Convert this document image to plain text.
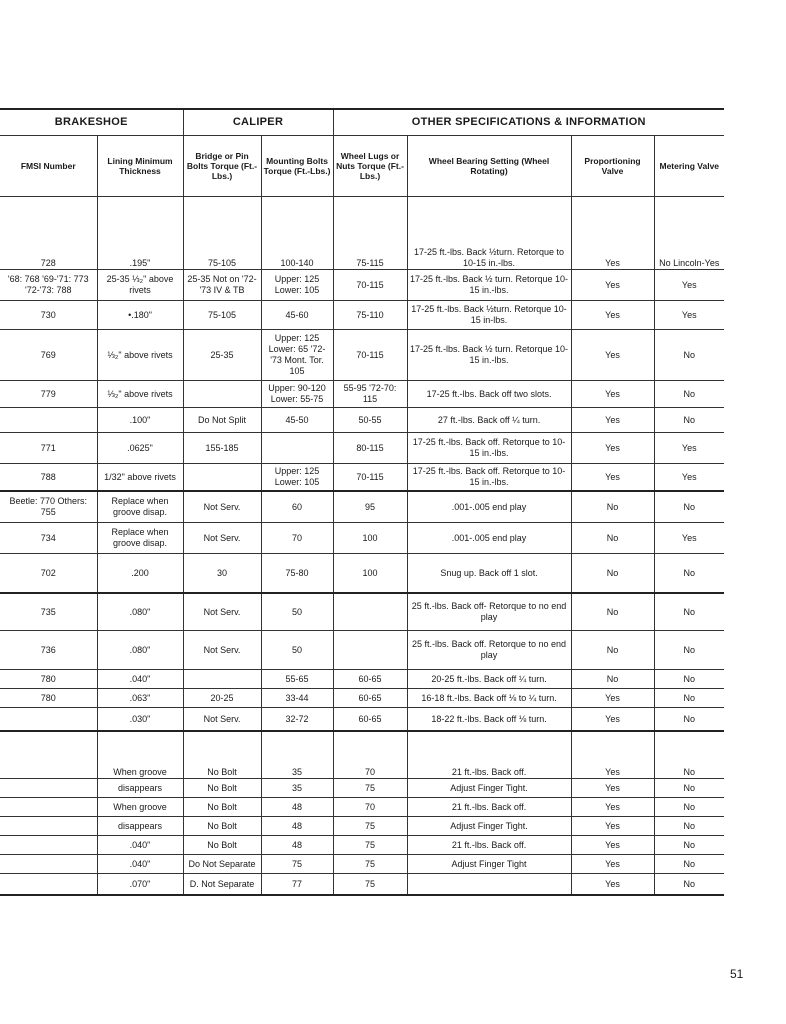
BRAKESHOE		CALIPER		OTHER SPECIFICATIONS & INFORMATION			
FMSI Number	Lining Minimum Thickness	Bridge or Pin Bolts Torque (Ft.-Lbs.)	Mounting Bolts Torque (Ft.-Lbs.)	Wheel Lugs or Nuts Torque (Ft.-Lbs.)	Wheel Bearing Setting (Wheel Rotating)	Proportioning Valve	Metering Valve
728	.195"	75-105	100-140	75-115	17-25 ft.-lbs. Back ½turn. Retorque to 10-15 in.-lbs.	Yes	No Lincoln-Yes
'68: 768 '69-'71: 773 '72-'73: 788	25-35 ⅓₂" above rivets	25-35 Not on '72-'73 IV & TB	Upper: 125 Lower: 105	70-115	17-25 ft.-lbs. Back ½ turn. Retorque 10-15 in.-lbs.	Yes	Yes
730	•.180"	75-105	45-60	75-110	17-25 ft.-lbs. Back ½turn. Retorque 10-15 in-lbs.	Yes	Yes
769	⅓₂" above rivets	25-35	Upper: 125 Lower: 65 '72-'73 Mont. Tor. 105	70-115	17-25 ft.-lbs. Back ½ turn. Retorque 10-15 in.-lbs.	Yes	No
779	⅓₂" above rivets		Upper: 90-120 Lower: 55-75	55-95 '72-70: 115	17-25 ft.-lbs. Back off two slots.	Yes	No
	.100"	Do Not Split	45-50	50-55	27 ft.-lbs. Back off ¼ turn.	Yes	No
771	.0625"	155-185		80-115	17-25 ft.-lbs. Back off. Retorque to 10-15 in.-lbs.	Yes	Yes
788	1/32" above rivets		Upper: 125 Lower: 105	70-115	17-25 ft.-lbs. Back off. Retorque to 10-15 in.-lbs.	Yes	Yes
Beetle: 770 Others: 755	Replace when groove disap.	Not Serv.	60	95	.001-.005 end play	No	No
734	Replace when groove disap.	Not Serv.	70	100	.001-.005 end play	No	Yes
702	.200	30	75-80	100	Snug up. Back off 1 slot.	No	No
735	.080"	Not Serv.	50		25 ft.-lbs. Back off- Retorque to no end play	No	No
736	.080"	Not Serv.	50		25 ft.-lbs. Back off. Retorque to no end play	No	No
780	.040"		55-65	60-65	20-25 ft.-lbs. Back off ¼ turn.	No	No
780	.063"	20-25	33-44	60-65	16-18 ft.-lbs. Back off ⅛ to ¼ turn.	Yes	No
	.030"	Not Serv.	32-72	60-65	18-22 ft.-lbs. Back off ⅛ turn.	Yes	No
	When groove	No Bolt	35	70	21 ft.-lbs. Back off.	Yes	No
	disappears	No Bolt	35	75	Adjust Finger Tight.	Yes	No
	When groove	No Bolt	48	70	21 ft.-lbs. Back off.	Yes	No
	disappears	No Bolt	48	75	Adjust Finger Tight.	Yes	No
	.040"	No Bolt	48	75	21 ft.-lbs. Back off.	Yes	No
	.040"	Do Not Separate	75	75	Adjust Finger Tight	Yes	No
	.070"	D. Not Separate	77	75		Yes	No
51
